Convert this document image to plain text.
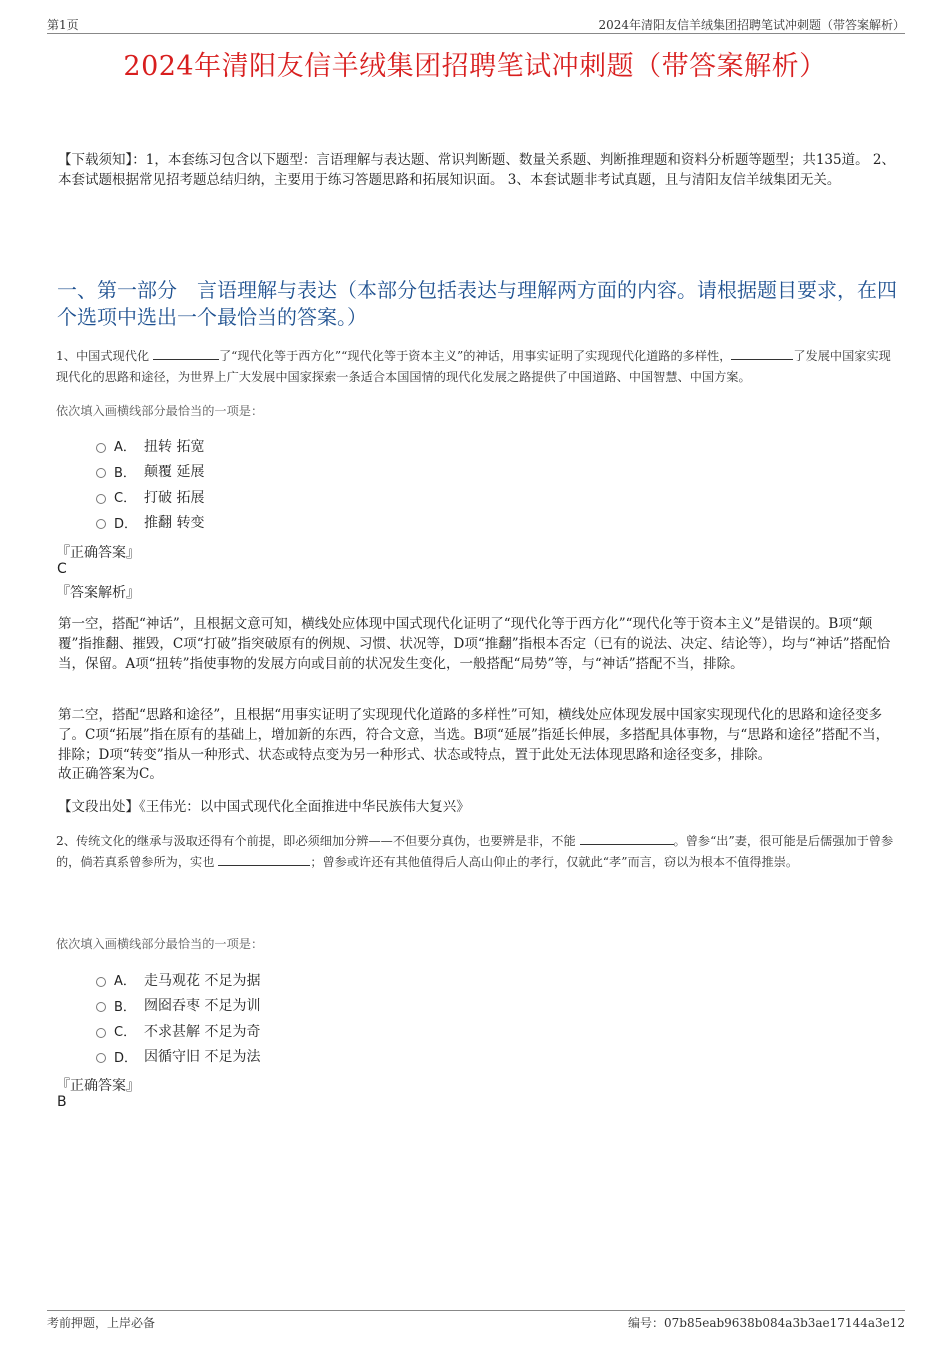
第1页	2024年清阳友信羊绒集团招聘笔试冲刺题（带答案解析）
2024年清阳友信羊绒集团招聘笔试冲刺题（带答案解析）
【下载须知】：1，本套练习包含以下题型：言语理解与表达题、常识判断题、数量关系题、判断推理题和资料分析题等题型；共135道。 2、本套试题根据常见招考题总结归纳，主要用于练习答题思路和拓展知识面。 3、本套试题非考试真题，且与清阳友信羊绒集团无关。
一、第一部分　言语理解与表达（本部分包括表达与理解两方面的内容。请根据题目要求，在四个选项中选出一个最恰当的答案。）
1、中国式现代化	了“现代化等于西方化”“现代化等于资本主义”的神话，用事实证明了实现现代化道路的多样性，	了发展中国家实现现代化的思路和途径，为世界上广大发展中国家探索一条适合本国国情的现代化发展之路提供了中国道路、中国智慧、中国方案。
依次填入画横线部分最恰当的一项是：
A． 扭转 拓宽
B． 颠覆 延展
C． 打破 拓展
D． 推翻 转变
『正确答案』
C
『答案解析』
第一空，搭配“神话”，且根据文意可知，横线处应体现中国式现代化证明了“现代化等于西方化”“现代化等于资本主义”是错误的。B项“颠覆”指推翻、摧毁，C项“打破”指突破原有的例规、习惯、状况等，D项“推翻”指根本否定（已有的说法、决定、结论等），均与“神话”搭配恰当，保留。A项“扭转”指使事物的发展方向或目前的状况发生变化，一般搭配“局势”等，与“神话”搭配不当，排除。
第二空，搭配“思路和途径”，且根据“用事实证明了实现现代化道路的多样性”可知，横线处应体现发展中国家实现现代化的思路和途径变多了。C项“拓展”指在原有的基础上，增加新的东西，符合文意，当选。B项“延展”指延长伸展，多搭配具体事物，与“思路和途径”搭配不当，排除；D项“转变”指从一种形式、状态或特点变为另一种形式、状态或特点，置于此处无法体现思路和途径变多，排除。
故正确答案为C。
【文段出处】《王伟光：以中国式现代化全面推进中华民族伟大复兴》
2、传统文化的继承与汲取还得有个前提，即必须细加分辨——不但要分真伪，也要辨是非，不能	。曾参“出”妻，很可能是后儒强加于曾参的，倘若真系曾参所为，实也	；曾参或许还有其他值得后人高山仰止的孝行，仅就此“孝”而言，窃以为根本不值得推崇。
依次填入画横线部分最恰当的一项是：
A． 走马观花 不足为据
B． 囫囵吞枣 不足为训
C． 不求甚解 不足为奇
D． 因循守旧 不足为法
『正确答案』
B
考前押题，上岸必备	编号：07b85eab9638b084a3b3ae17144a3e12
